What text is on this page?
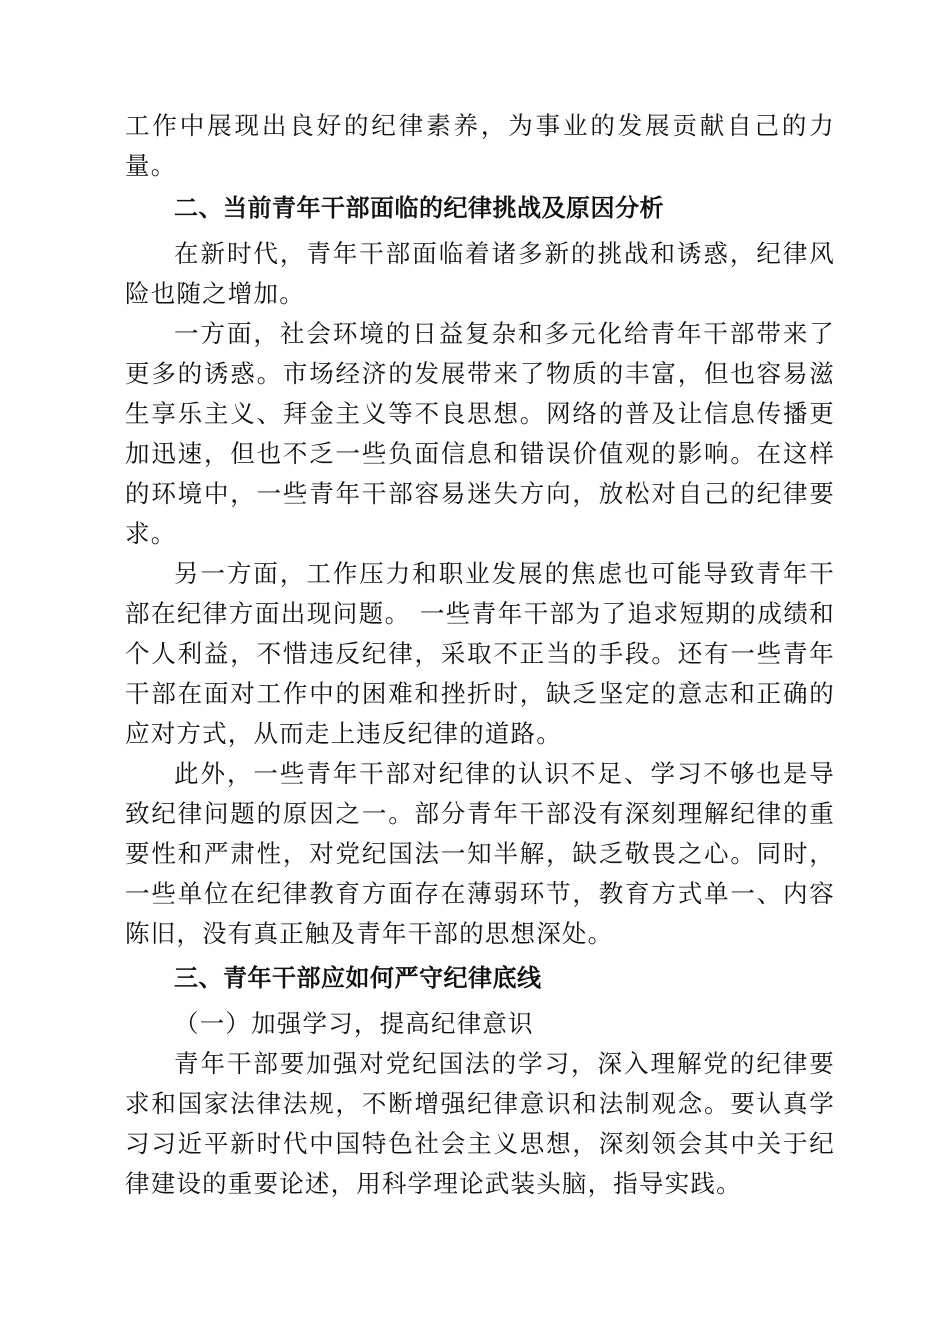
工作中展现出良好的纪律素养，为事业的发展贡献自己的力量。

二、当前青年干部面临的纪律挑战及原因分析

在新时代，青年干部面临着诸多新的挑战和诱惑，纪律风险也随之增加。

一方面，社会环境的日益复杂和多元化给青年干部带来了更多的诱惑。市场经济的发展带来了物质的丰富，但也容易滋生享乐主义、拜金主义等不良思想。网络的普及让信息传播更加迅速，但也不乏一些负面信息和错误价值观的影响。在这样的环境中，一些青年干部容易迷失方向，放松对自己的纪律要求。

另一方面，工作压力和职业发展的焦虑也可能导致青年干部在纪律方面出现问题。 一些青年干部为了追求短期的成绩和个人利益，不惜违反纪律，采取不正当的手段。还有一些青年干部在面对工作中的困难和挫折时，缺乏坚定的意志和正确的应对方式，从而走上违反纪律的道路。

此外，一些青年干部对纪律的认识不足、学习不够也是导致纪律问题的原因之一。部分青年干部没有深刻理解纪律的重要性和严肃性，对党纪国法一知半解，缺乏敬畏之心。同时， 一些单位在纪律教育方面存在薄弱环节，教育方式单一、内容陈旧，没有真正触及青年干部的思想深处。

三、青年干部应如何严守纪律底线

（一）加强学习，提高纪律意识

青年干部要加强对党纪国法的学习，深入理解党的纪律要求和国家法律法规，不断增强纪律意识和法制观念。要认真学习习近平新时代中国特色社会主义思想，深刻领会其中关于纪律建设的重要论述，用科学理论武装头脑，指导实践。
